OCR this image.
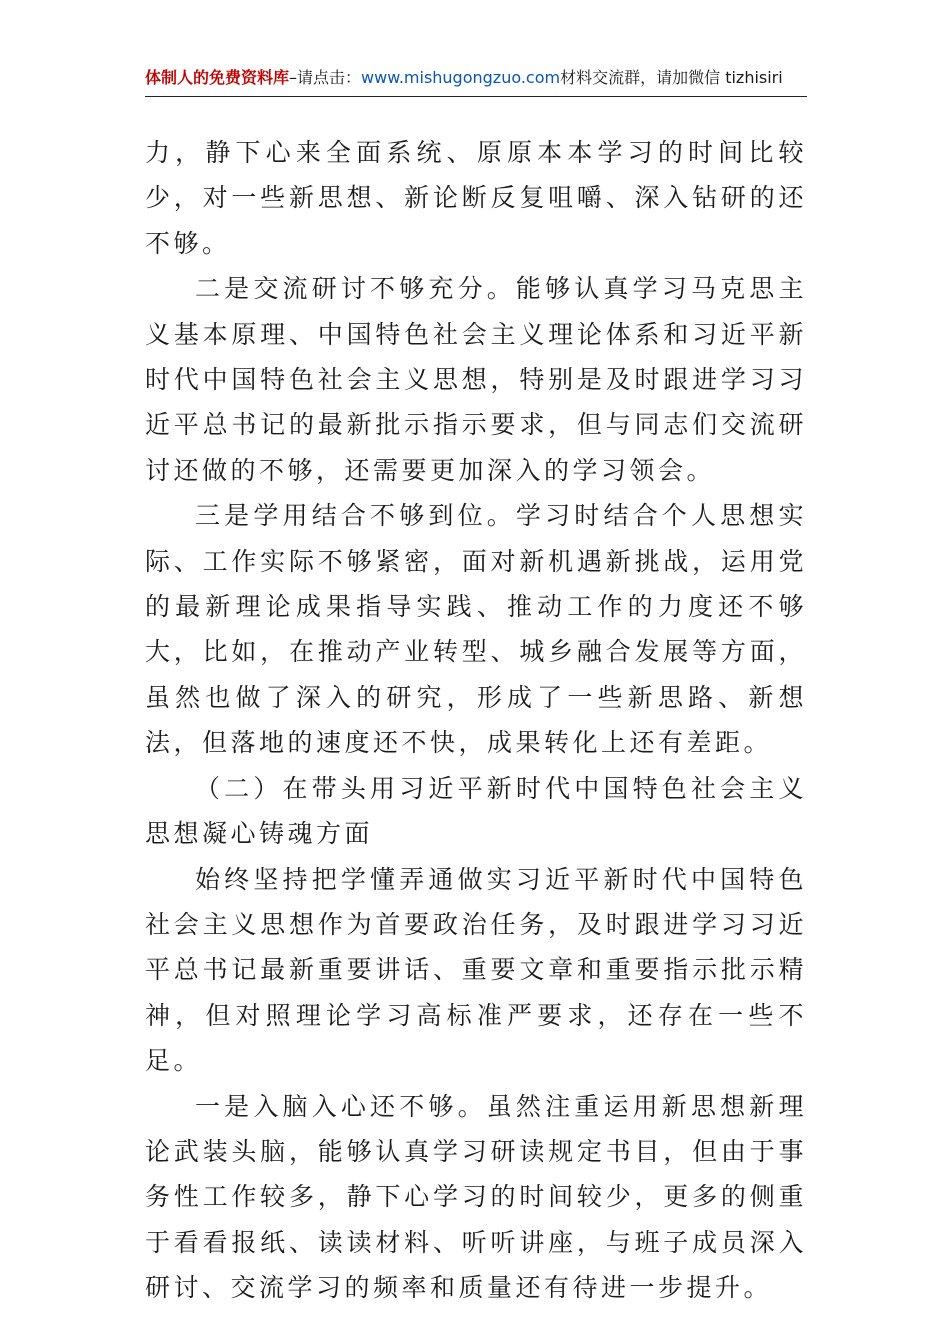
体制人的免费资料库–请点击：www.mishugongzuo.com材料交流群，请加微信 tizhisiri

力，静下心来全面系统、原原本本学习的时间比较少，对一些新思想、新论断反复咀嚼、深入钻研的还不够。

二是交流研讨不够充分。能够认真学习马克思主义基本原理、中国特色社会主义理论体系和习近平新时代中国特色社会主义思想，特别是及时跟进学习习近平总书记的最新批示指示要求，但与同志们交流研讨还做的不够，还需要更加深入的学习领会。

三是学用结合不够到位。学习时结合个人思想实际、工作实际不够紧密，面对新机遇新挑战，运用党的最新理论成果指导实践、推动工作的力度还不够大，比如，在推动产业转型、城乡融合发展等方面，虽然也做了深入的研究，形成了一些新思路、新想法，但落地的速度还不快，成果转化上还有差距。

（二）在带头用习近平新时代中国特色社会主义思想凝心铸魂方面

始终坚持把学懂弄通做实习近平新时代中国特色社会主义思想作为首要政治任务，及时跟进学习习近平总书记最新重要讲话、重要文章和重要指示批示精神，但对照理论学习高标准严要求，还存在一些不足。

一是入脑入心还不够。虽然注重运用新思想新理论武装头脑，能够认真学习研读规定书目，但由于事务性工作较多，静下心学习的时间较少，更多的侧重于看看报纸、读读材料、听听讲座，与班子成员深入研讨、交流学习的频率和质量还有待进一步提升。
